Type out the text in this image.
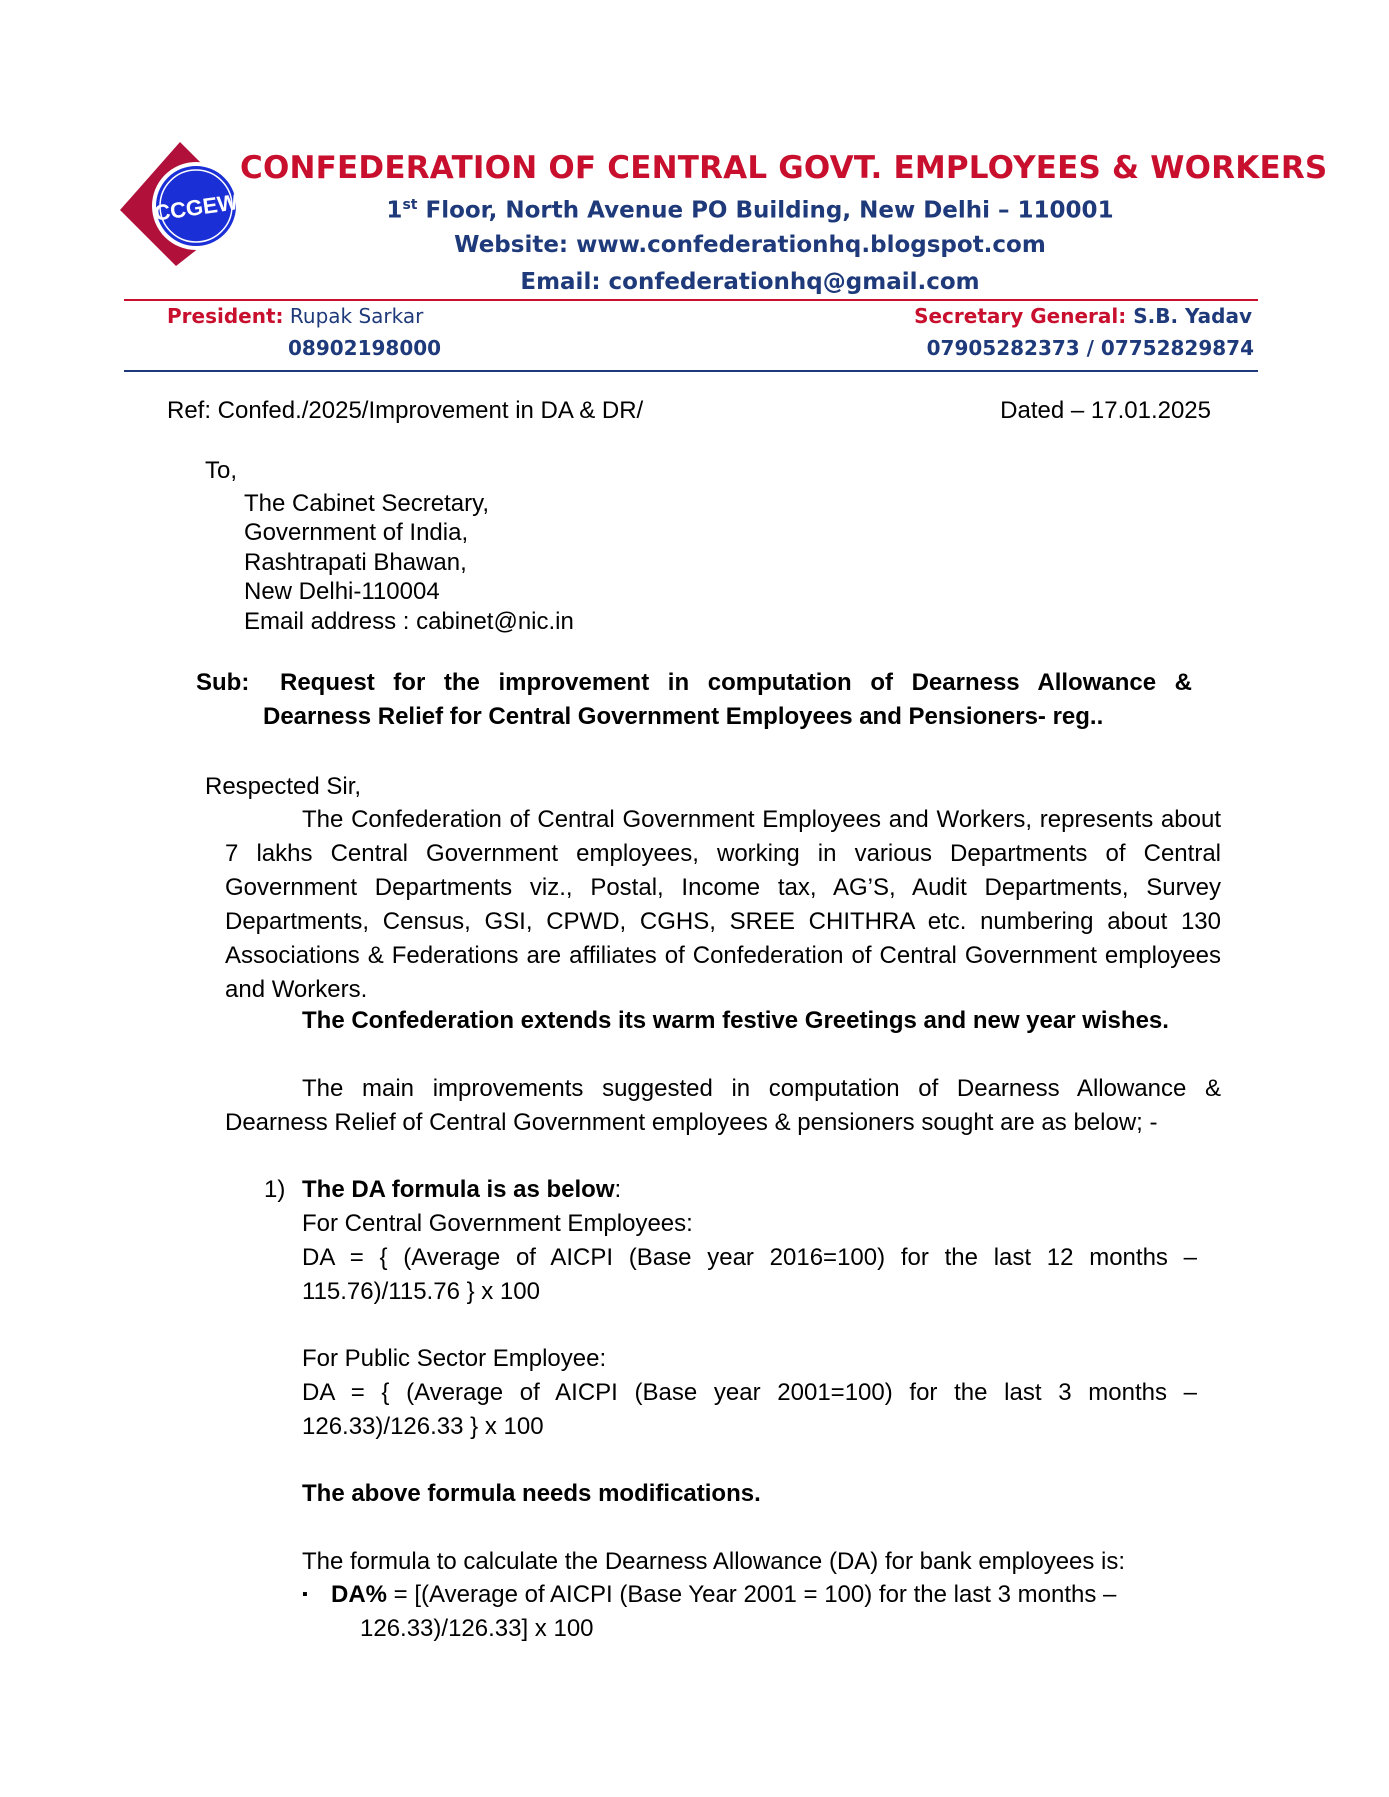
CCGEW
CONFEDERATION OF CENTRAL GOVT. EMPLOYEES & WORKERS
1st Floor, North Avenue PO Building, New Delhi – 110001
Website: www.confederationhq.blogspot.com
Email: confederationhq@gmail.com
President: Rupak Sarkar
08902198000
Secretary General: S.B. Yadav
07905282373 / 07752829874
Ref: Confed./2025/Improvement in DA & DR/	Dated – 17.01.2025
To,
The Cabinet Secretary,
Government of India,
Rashtrapati Bhawan,
New Delhi-110004
Email address : cabinet@nic.in
Sub: Request for the improvement in computation of Dearness Allowance &
Dearness Relief for Central Government Employees and Pensioners- reg..
Respected Sir,
The Confederation of Central Government Employees and Workers, represents about 7 lakhs Central Government employees, working in various Departments of Central Government Departments viz., Postal, Income tax, AG’S, Audit Departments, Survey Departments, Census, GSI, CPWD, CGHS, SREE CHITHRA etc. numbering about 130 Associations & Federations are affiliates of Confederation of Central Government employees and Workers.
The Confederation extends its warm festive Greetings and new year wishes.
The main improvements suggested in computation of Dearness Allowance & Dearness Relief of Central Government employees & pensioners sought are as below; -
1) The DA formula is as below:
For Central Government Employees:
DA = { (Average of AICPI (Base year 2016=100) for the last 12 months – 115.76)/115.76 } x 100
For Public Sector Employee:
DA = { (Average of AICPI (Base year 2001=100) for the last 3 months – 126.33)/126.33 } x 100
The above formula needs modifications.
The formula to calculate the Dearness Allowance (DA) for bank employees is:
▪ DA% = [(Average of AICPI (Base Year 2001 = 100) for the last 3 months –
126.33)/126.33] x 100
